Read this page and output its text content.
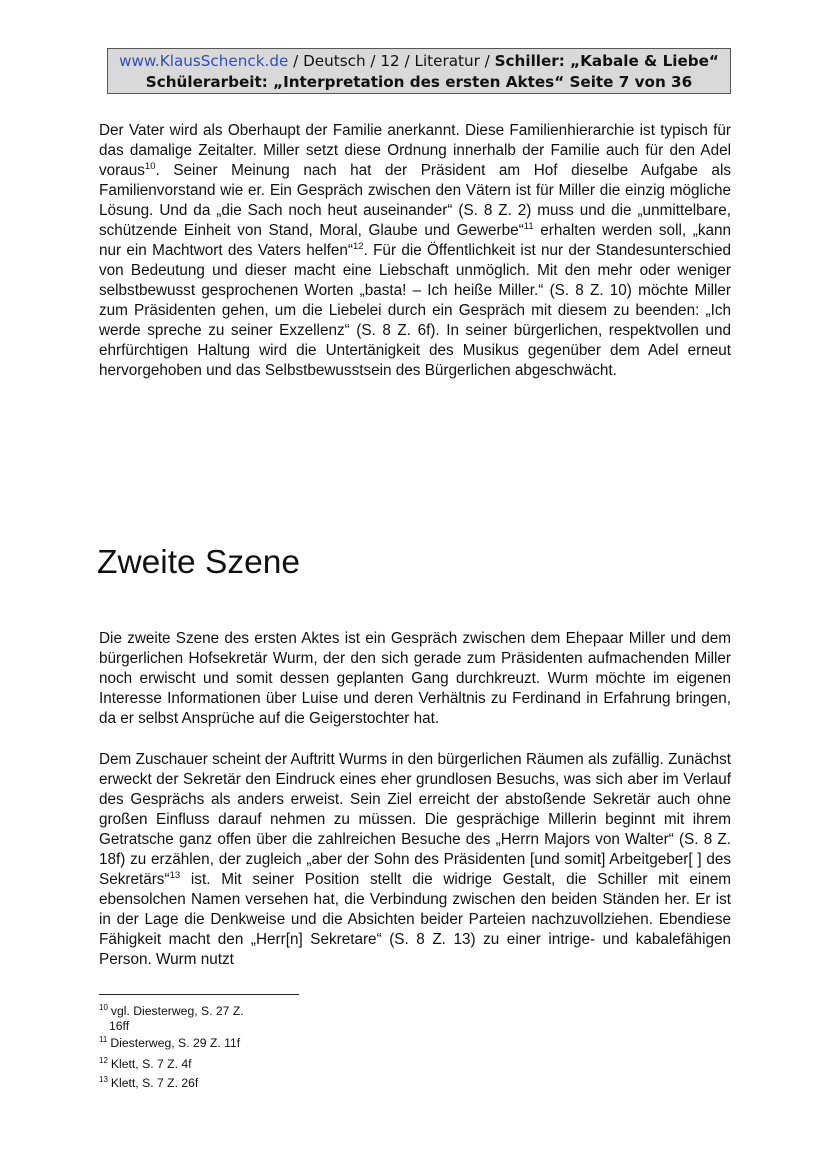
www.KlausSchenck.de / Deutsch / 12 / Literatur / Schiller: „Kabale & Liebe“
Schülerarbeit: „Interpretation des ersten Aktes“ Seite 7 von 36

Der Vater wird als Oberhaupt der Familie anerkannt. Diese Familienhierarchie ist typisch für das damalige Zeitalter. Miller setzt diese Ordnung innerhalb der Familie auch für den Adel voraus$^{10}$. Seiner Meinung nach hat der Präsident am Hof dieselbe Aufgabe als Familienvorstand wie er. Ein Gespräch zwischen den Vätern ist für Miller die einzig mögliche Lösung. Und da „die Sach noch heut auseinander“ (S. 8 Z. 2) muss und die „unmittelbare, schützende Einheit von Stand, Moral, Glaube und Gewerbe“$^{11}$ erhalten werden soll, „kann nur ein Machtwort des Vaters helfen“$^{12}$. Für die Öffentlichkeit ist nur der Standesunterschied von Bedeutung und dieser macht eine Liebschaft unmöglich. Mit den mehr oder weniger selbstbewusst gesprochenen Worten „basta! – Ich heiße Miller.“ (S. 8 Z. 10) möchte Miller zum Präsidenten gehen, um die Liebelei durch ein Gespräch mit diesem zu beenden: „Ich werde spreche zu seiner Exzellenz“ (S. 8 Z. 6f). In seiner bürgerlichen, respektvollen und ehrfürchtigen Haltung wird die Untertänigkeit des Musikus gegenüber dem Adel erneut hervorgehoben und das Selbstbewusstsein des Bürgerlichen abgeschwächt.

Zweite Szene

Die zweite Szene des ersten Aktes ist ein Gespräch zwischen dem Ehepaar Miller und dem bürgerlichen Hofsekretär Wurm, der den sich gerade zum Präsidenten aufmachenden Miller noch erwischt und somit dessen geplanten Gang durchkreuzt. Wurm möchte im eigenen Interesse Informationen über Luise und deren Verhältnis zu Ferdinand in Erfahrung bringen, da er selbst Ansprüche auf die Geigerstochter hat.

Dem Zuschauer scheint der Auftritt Wurms in den bürgerlichen Räumen als zufällig. Zunächst erweckt der Sekretär den Eindruck eines eher grundlosen Besuchs, was sich aber im Verlauf des Gesprächs als anders erweist. Sein Ziel erreicht der abstoßende Sekretär auch ohne großen Einfluss darauf nehmen zu müssen. Die gesprächige Millerin beginnt mit ihrem Getratsche ganz offen über die zahlreichen Besuche des „Herrn Majors von Walter“ (S. 8 Z. 18f) zu erzählen, der zugleich „aber der Sohn des Präsidenten [und somit] Arbeitgeber[ ] des Sekretärs“$^{13}$ ist. Mit seiner Position stellt die widrige Gestalt, die Schiller mit einem ebensolchen Namen versehen hat, die Verbindung zwischen den beiden Ständen her. Er ist in der Lage die Denkweise und die Absichten beider Parteien nachzuvollziehen. Ebendiese Fähigkeit macht den „Herr[n] Sekretare“ (S. 8 Z. 13) zu einer intrige- und kabalefähigen Person. Wurm nutzt

$^{10}$ vgl. Diesterweg, S. 27 Z.
16ff

$^{11}$ Diesterweg, S. 29 Z. 11f

$^{12}$ Klett, S. 7 Z. 4f

$^{13}$ Klett, S. 7 Z. 26f
